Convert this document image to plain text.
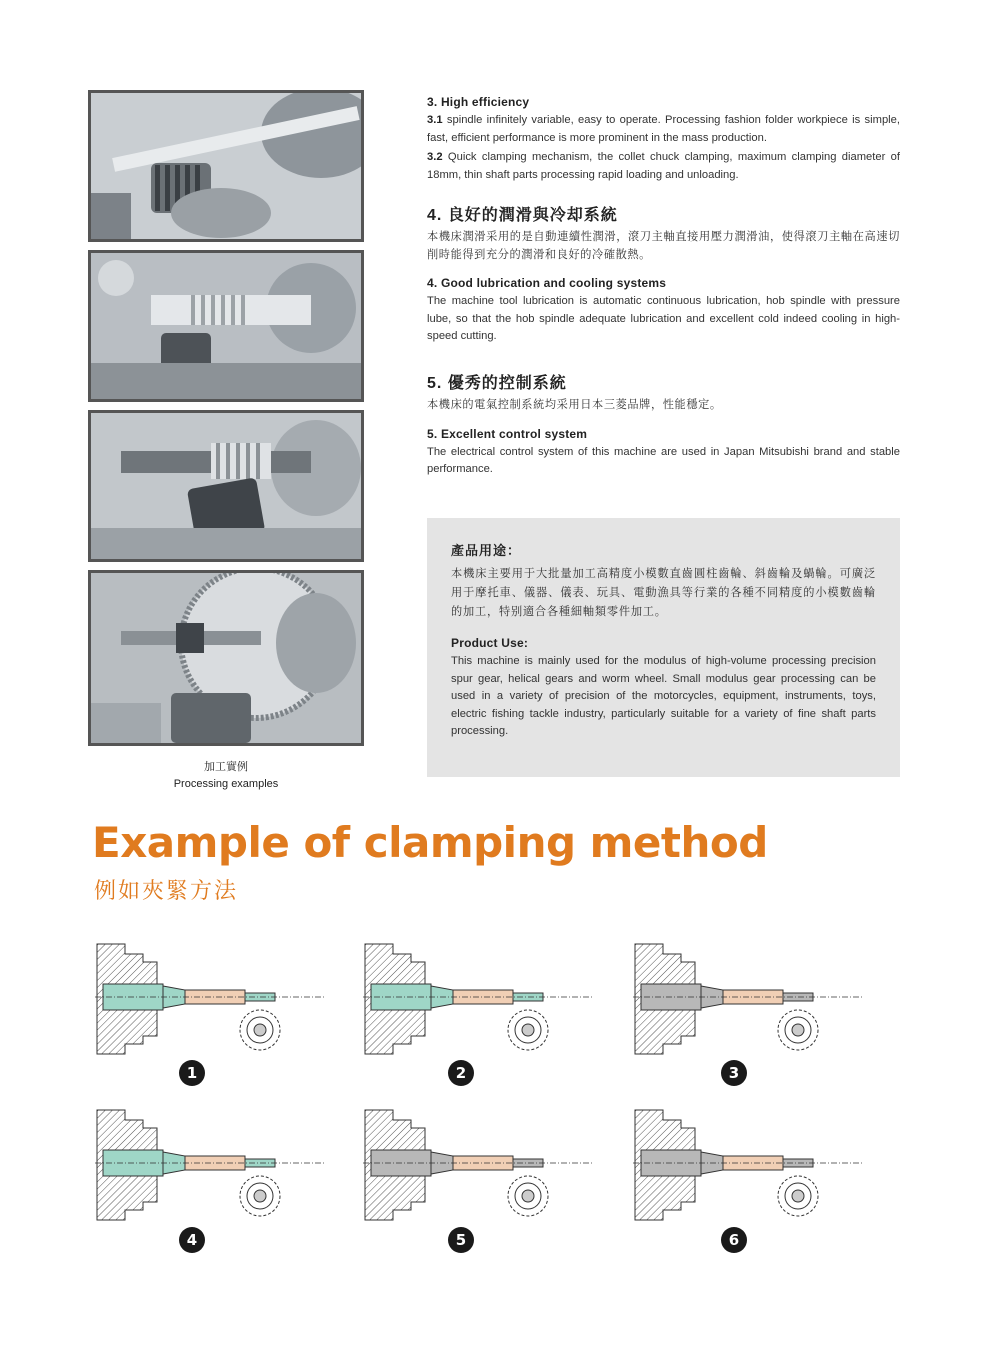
加工實例
Processing examples
3. High efficiency

3.1 spindle infinitely variable, easy to operate. Processing fashion folder workpiece is simple, fast, efficient performance is more prominent in the mass production.

3.2 Quick clamping mechanism, the collet chuck clamping, maximum clamping diameter of 18mm, thin shaft parts processing rapid loading and unloading.

4. 良好的潤滑與冷却系統

本機床潤滑采用的是自動連續性潤滑，滾刀主軸直接用壓力潤滑油，使得滾刀主軸在高速切削時能得到充分的潤滑和良好的冷確散熱。

4. Good lubrication and cooling systems

The machine tool lubrication is automatic continuous lubrication, hob spindle with pressure lube, so that the hob spindle adequate lubrication and excellent cold indeed cooling in high-speed cutting.

5. 優秀的控制系統

本機床的電氣控制系統均采用日本三菱品牌，性能穩定。

5. Excellent control system

The electrical control system of this machine are used in Japan Mitsubishi brand and stable performance.

產品用途：

本機床主要用于大批量加工高精度小模數直齒圓柱齒輪、斜齒輪及蝸輪。可廣泛用于摩托車、儀器、儀表、玩具、電動漁具等行業的各種不同精度的小模數齒輪的加工，特别適合各種細軸類零件加工。

Product Use:

This machine is mainly used for the modulus of high-volume processing precision spur gear, helical gears and worm wheel. Small modulus gear processing can be used in a variety of precision of the motorcycles, equipment, instruments, toys, electric fishing tackle industry, particularly suitable for a variety of fine shaft parts processing.

Example of clamping method
例如夾緊方法
1	2	3
4	5	6
